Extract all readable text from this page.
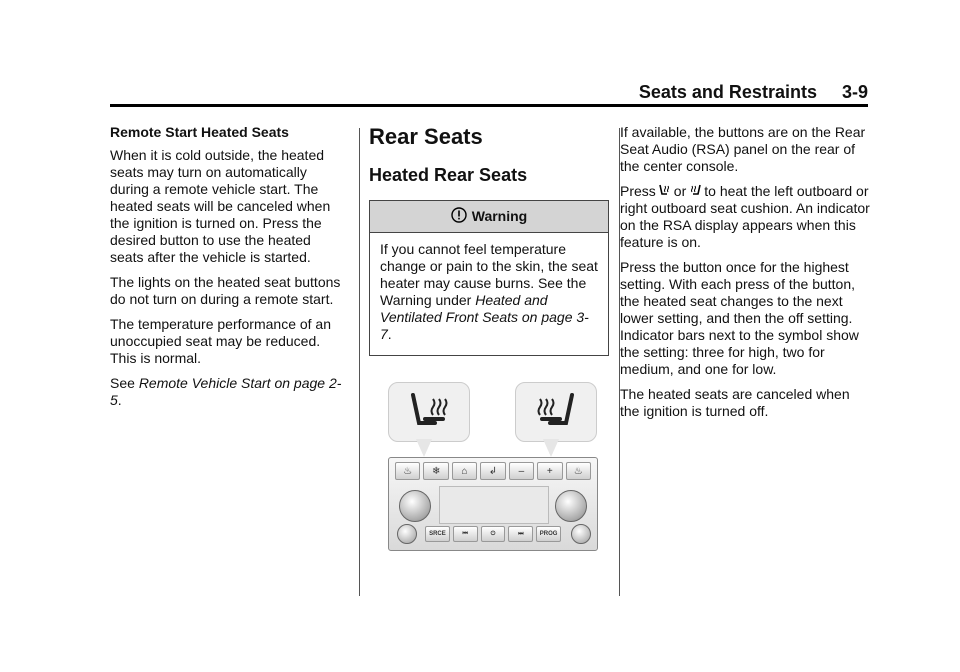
Seats and Restraints 3-9

Remote Start Heated Seats

When it is cold outside, the heated seats may turn on automatically during a remote vehicle start. The heated seats will be canceled when the ignition is turned on. Press the desired button to use the heated seats after the vehicle is started.

The lights on the heated seat buttons do not turn on during a remote start.

The temperature performance of an unoccupied seat may be reduced. This is normal.

See Remote Vehicle Start on page 2-5.

Rear Seats
Heated Rear Seats
Warning

If you cannot feel temperature change or pain to the skin, the seat heater may cause burns. See the Warning under Heated and Ventilated Front Seats on page 3-7.

♨	❄	⌂	↲	–	+	♨
SRCE	⏮	⏻	⏭	PROG

If available, the buttons are on the Rear Seat Audio (RSA) panel on the rear of the center console.

Press or to heat the left outboard or right outboard seat cushion. An indicator on the RSA display appears when this feature is on.

Press the button once for the highest setting. With each press of the button, the heated seat changes to the next lower setting, and then the off setting. Indicator bars next to the symbol show the setting: three for high, two for medium, and one for low.

The heated seats are canceled when the ignition is turned off.
